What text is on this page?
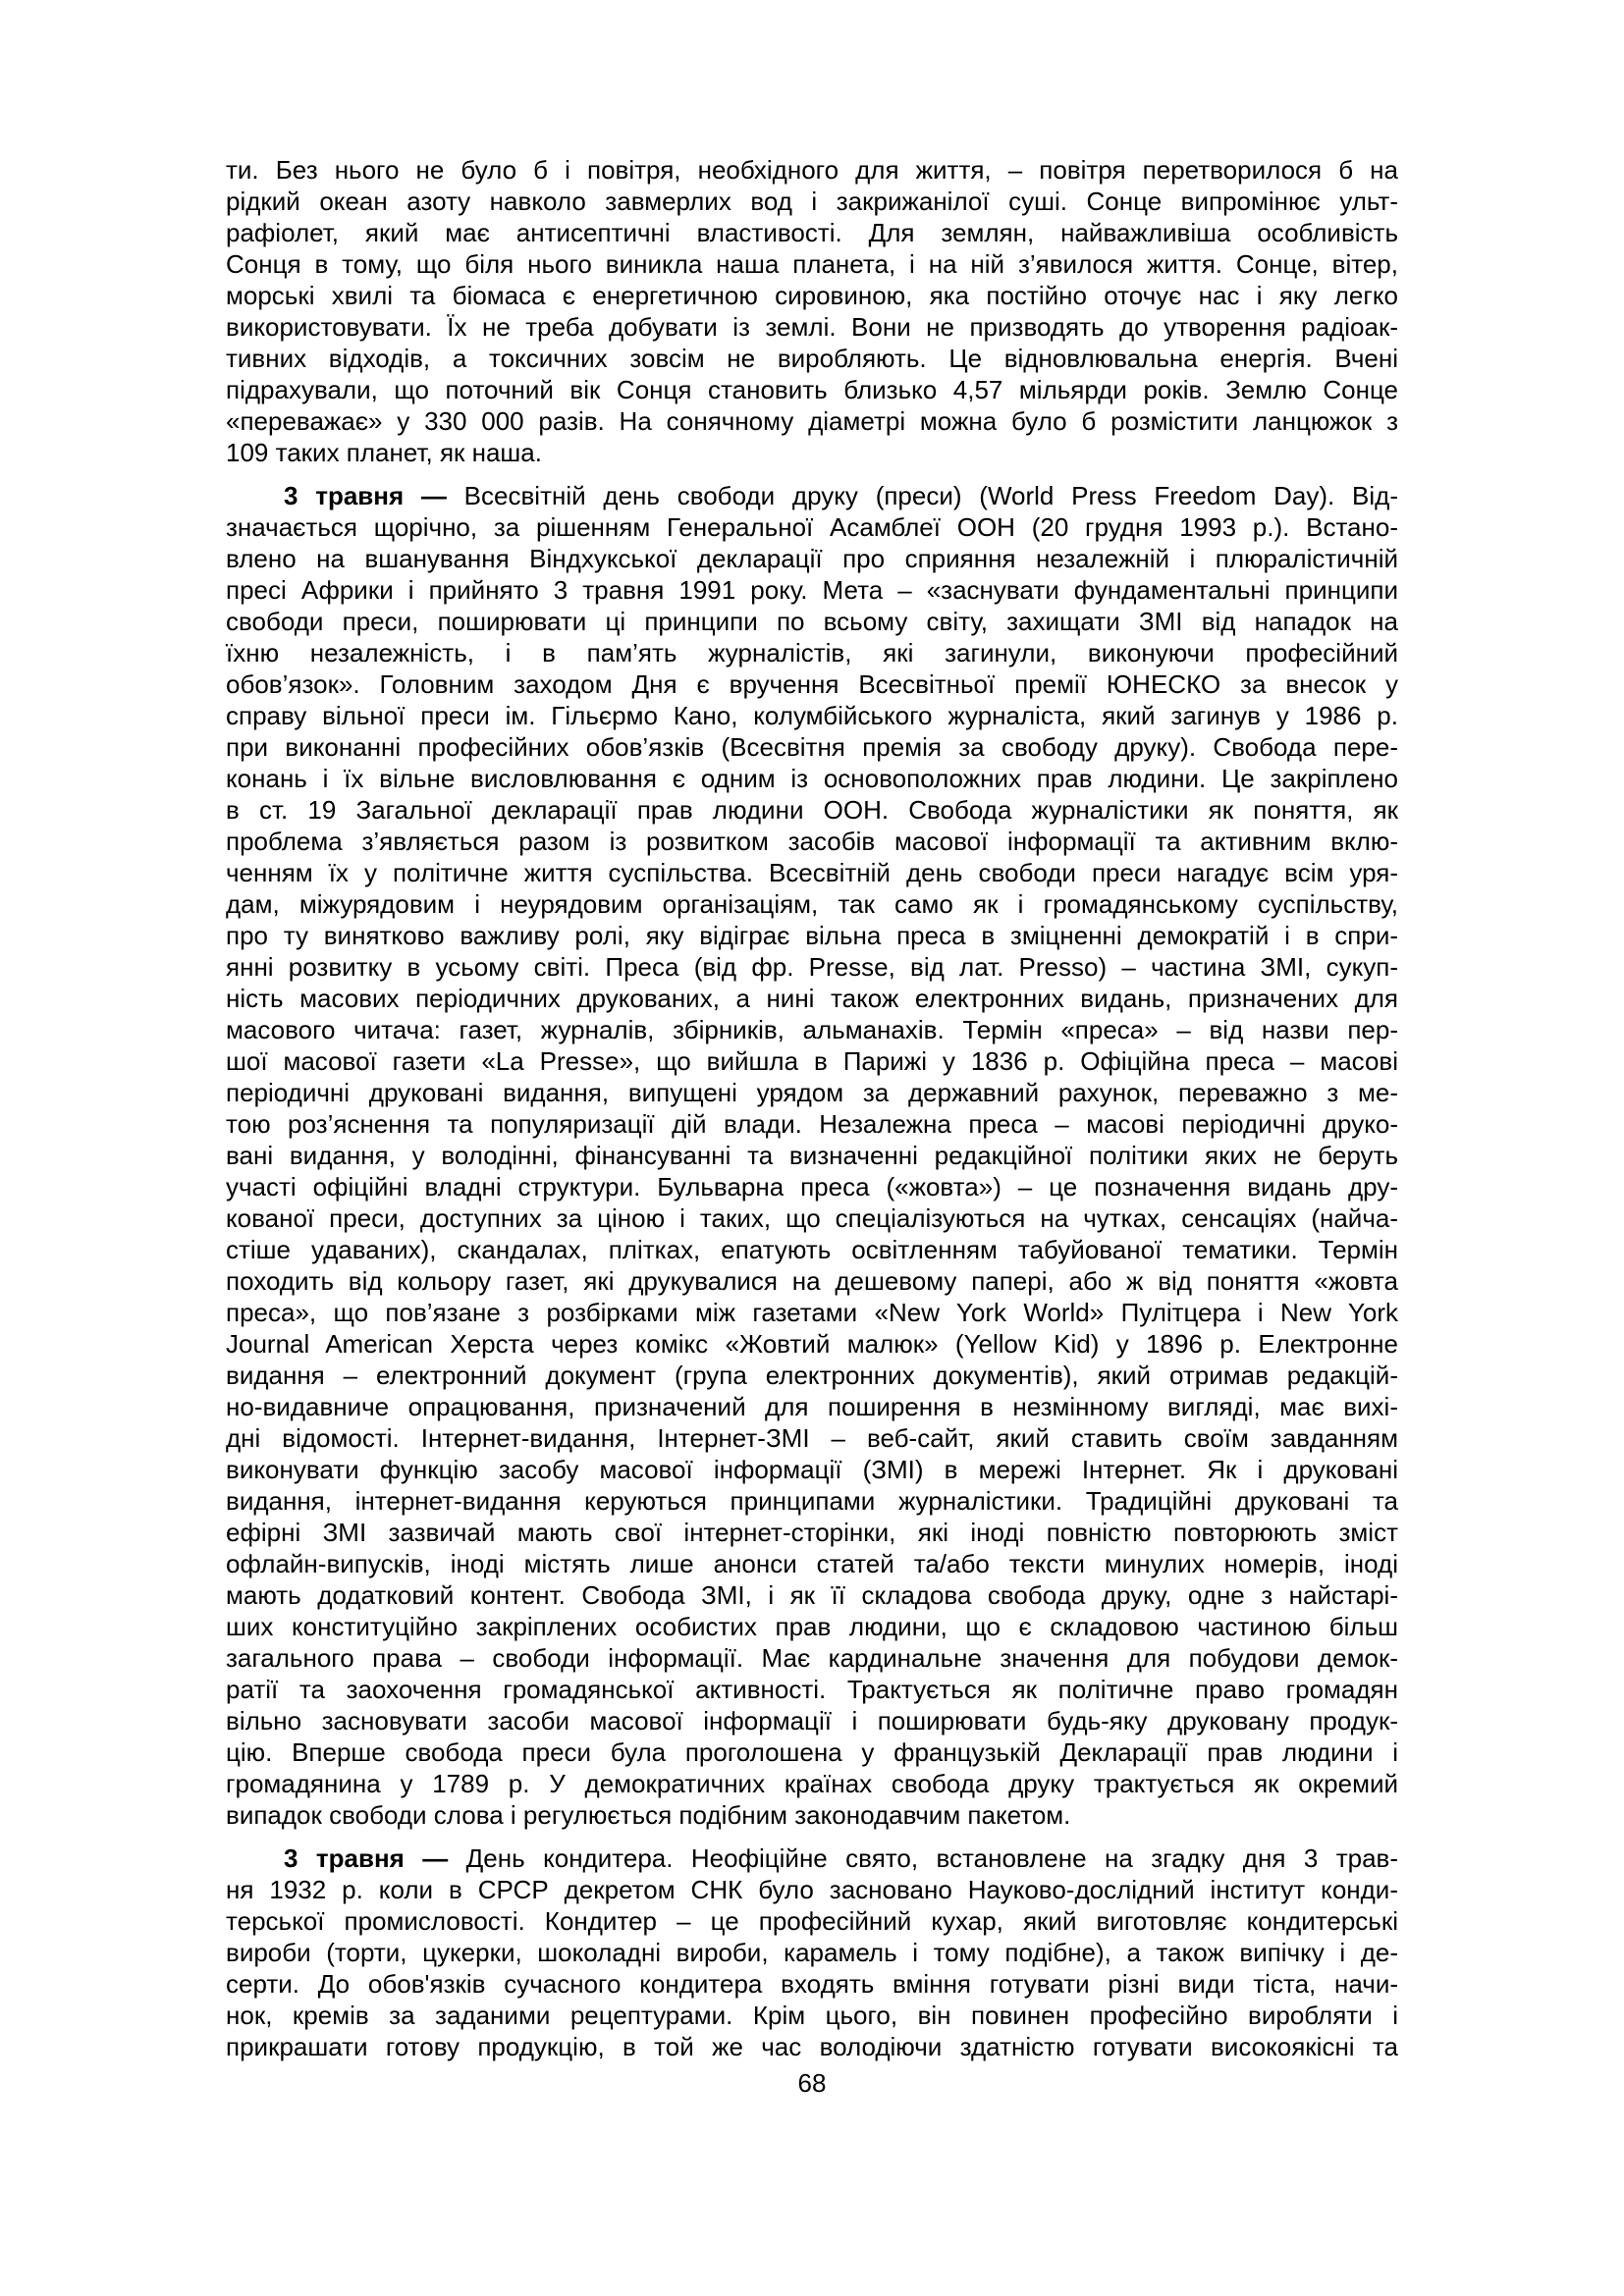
ти. Без нього не було б і повітря, необхідного для життя, – повітря перетворилося б на
рідкий океан азоту навколо завмерлих вод і закрижанілої суші. Сонце випромінює ульт-
рафіолет, який має антисептичні властивості. Для землян, найважливіша особливість
Сонця в тому, що біля нього виникла наша планета, і на ній з’явилося життя. Сонце, вітер,
морські хвилі та біомаса є енергетичною сировиною, яка постійно оточує нас і яку легко
використовувати. Їх не треба добувати із землі. Вони не призводять до утворення радіоак-
тивних відходів, а токсичних зовсім не виробляють. Це відновлювальна енергія. Вчені
підрахували, що поточний вік Сонця становить близько 4,57 мільярди років. Землю Сонце
«переважає» у 330 000 разів. На сонячному діаметрі можна було б розмістити ланцюжок з
109 таких планет, як наша.

3 травня — Всесвітній день свободи друку (преси) (World Press Freedom Day). Від-
значається щорічно, за рішенням Генеральної Асамблеї ООН (20 грудня 1993 р.). Встано-
влено на вшанування Віндхукської декларації про сприяння незалежній і плюралістичній
пресі Африки і прийнято 3 травня 1991 року. Мета – «заснувати фундаментальні принципи
свободи преси, поширювати ці принципи по всьому світу, захищати ЗМІ від нападок на
їхню незалежність, і в пам’ять журналістів, які загинули, виконуючи професійний
обов’язок». Головним заходом Дня є вручення Всесвітньої премії ЮНЕСКО за внесок у
справу вільної преси ім. Гільєрмо Кано, колумбійського журналіста, який загинув у 1986 р.
при виконанні професійних обов’язків (Всесвітня премія за свободу друку). Свобода пере-
конань і їх вільне висловлювання є одним із основоположних прав людини. Це закріплено
в ст. 19 Загальної декларації прав людини ООН. Свобода журналістики як поняття, як
проблема з’являється разом із розвитком засобів масової інформації та активним вклю-
ченням їх у політичне життя суспільства. Всесвітній день свободи преси нагадує всім уря-
дам, міжурядовим і неурядовим організаціям, так само як і громадянському суспільству,
про ту винятково важливу ролі, яку відіграє вільна преса в зміцненні демократій і в спри-
янні розвитку в усьому світі. Преса (від фр. Presse, від лат. Presso) – частина ЗМІ, сукуп-
ність масових періодичних друкованих, а нині також електронних видань, призначених для
масового читача: газет, журналів, збірників, альманахів. Термін «преса» – від назви пер-
шої масової газети «La Presse», що вийшла в Парижі у 1836 р. Офіційна преса – масові
періодичні друковані видання, випущені урядом за державний рахунок, переважно з ме-
тою роз’яснення та популяризації дій влади. Незалежна преса – масові періодичні друко-
вані видання, у володінні, фінансуванні та визначенні редакційної політики яких не беруть
участі офіційні владні структури. Бульварна преса («жовта») – це позначення видань дру-
кованої преси, доступних за ціною і таких, що спеціалізуються на чутках, сенсаціях (найча-
стіше удаваних), скандалах, плітках, епатують освітленням табуйованої тематики. Термін
походить від кольору газет, які друкувалися на дешевому папері, або ж від поняття «жовта
преса», що пов’язане з розбірками між газетами «New York World» Пулітцера і New York
Journal American Херста через комікс «Жовтий малюк» (Yellow Kid) у 1896 р. Електронне
видання – електронний документ (група електронних документів), який отримав редакцій-
но-видавниче опрацювання, призначений для поширення в незмінному вигляді, має вихі-
дні відомості. Інтернет-видання, Інтернет-ЗМІ – веб-сайт, який ставить своїм завданням
виконувати функцію засобу масової інформації (ЗМІ) в мережі Інтернет. Як і друковані
видання, інтернет-видання керуються принципами журналістики. Традиційні друковані та
ефірні ЗМІ зазвичай мають свої інтернет-сторінки, які іноді повністю повторюють зміст
офлайн-випусків, іноді містять лише анонси статей та/або тексти минулих номерів, іноді
мають додатковий контент. Свобода ЗМІ, і як її складова свобода друку, одне з найстарі-
ших конституційно закріплених особистих прав людини, що є складовою частиною більш
загального права – свободи інформації. Має кардинальне значення для побудови демок-
ратії та заохочення громадянської активності. Трактується як політичне право громадян
вільно засновувати засоби масової інформації і поширювати будь-яку друковану продук-
цію. Вперше свобода преси була проголошена у французькій Декларації прав людини і
громадянина у 1789 р. У демократичних країнах свобода друку трактується як окремий
випадок свободи слова і регулюється подібним законодавчим пакетом.

3 травня — День кондитера. Неофіційне свято, встановлене на згадку дня 3 трав-
ня 1932 р. коли в СРСР декретом СНК було засновано Науково-дослідний інститут конди-
терської промисловості. Кондитер – це професійний кухар, який виготовляє кондитерські
вироби (торти, цукерки, шоколадні вироби, карамель і тому подібне), а також випічку і де-
серти. До обов'язків сучасного кондитера входять вміння готувати різні види тіста, начи-
нок, кремів за заданими рецептурами. Крім цього, він повинен професійно виробляти і
прикрашати готову продукцію, в той же час володіючи здатністю готувати високоякісні та

68
